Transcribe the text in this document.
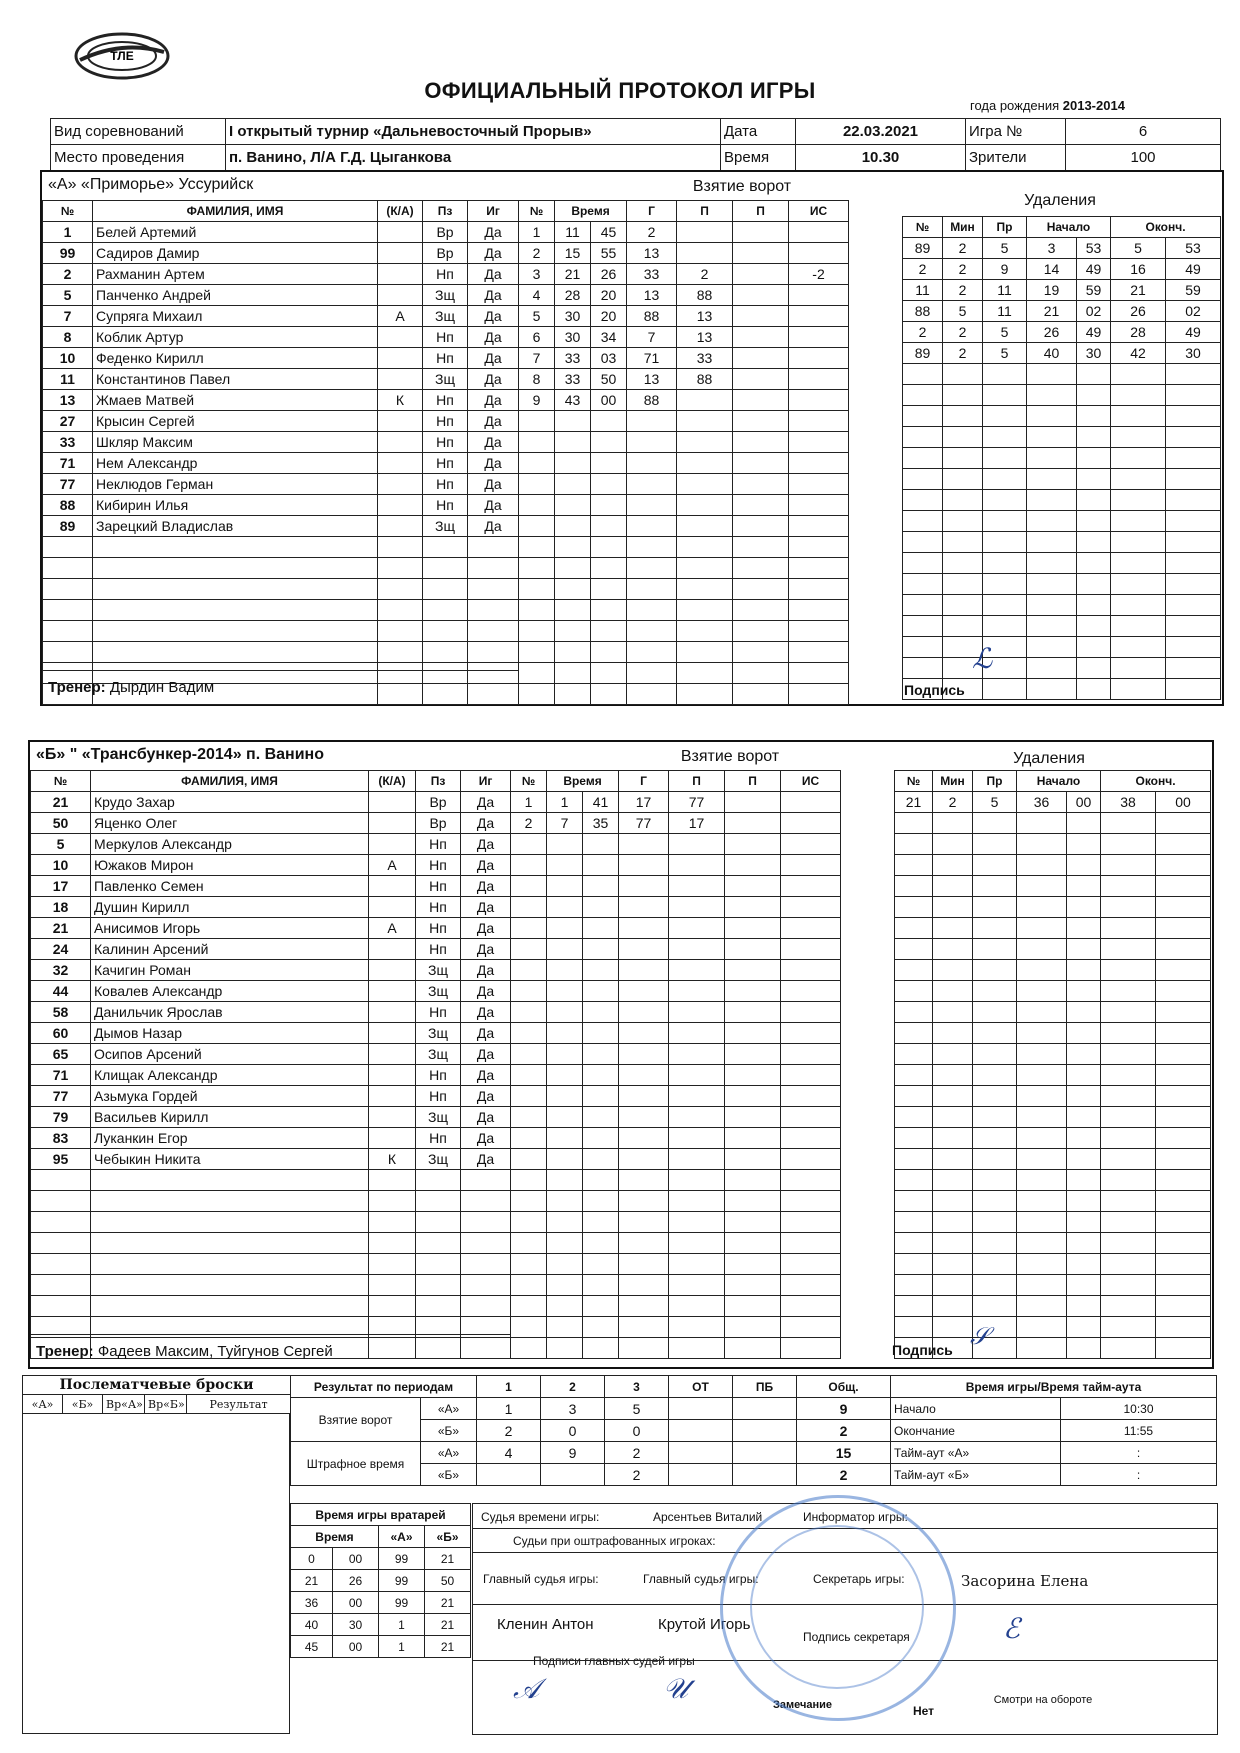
ТЛЕ
ОФИЦИАЛЬНЫЙ ПРОТОКОЛ ИГРЫ
Вид соревнований	I открытый турнир «Дальневосточный Прорыв»	Дата	22.03.2021	Игра №	6
Место проведения	п. Ванино, Л/А Г.Д. Цыганкова	Время	10.30	Зрители	100
года рождения 2013-2014
«А» «Приморье» Уссурийск	Взятие ворот
Удаления
№	ФАМИЛИЯ, ИМЯ	(К/А)	Пз	Иг
1	Белей Артемий		Вр	Да
99	Садиров Дамир		Вр	Да
2	Рахманин Артем		Нп	Да
5	Панченко Андрей		Зщ	Да
7	Супряга Михаил	А	Зщ	Да
8	Коблик Артур		Нп	Да
10	Феденко Кирилл		Нп	Да
11	Константинов Павел		Зщ	Да
13	Жмаев Матвей	К	Нп	Да
27	Крысин Сергей		Нп	Да
33	Шкляр Максим		Нп	Да
71	Нем Александр		Нп	Да
77	Неклюдов Герман		Нп	Да
88	Кибирин Илья		Нп	Да
89	Зарецкий Владислав		Зщ	Да

№	Время		Г	П	П	ИС	
1	11	45	2				
2	15	55	13				
3	21	26	33	2		-2	
4	28	20	13	88			
5	30	20	88	13			
6	30	34	7	13			
7	33	03	71	33			
8	33	50	13	88			
9	43	00	88				

№	Мин	Пр	Начало		Оконч.	
89	2	5	3	53	5	53
2	2	9	14	49	16	49
11	2	11	19	59	21	59
88	5	11	21	02	26	02
2	2	5	26	49	28	49
89	2	5	40	30	42	30

Тренер: Дырдин Вадим	Подпись
ℒ
«Б» " «Трансбункер-2014» п. Ванино	Взятие ворот	Удаления
№	ФАМИЛИЯ, ИМЯ	(К/А)	Пз	Иг
21	Крудо Захар		Вр	Да
50	Яценко Олег		Вр	Да
5	Меркулов Александр		Нп	Да
10	Южаков Мирон	А	Нп	Да
17	Павленко Семен		Нп	Да
18	Душин Кирилл		Нп	Да
21	Анисимов Игорь	А	Нп	Да
24	Калинин Арсений		Нп	Да
32	Качигин Роман		Зщ	Да
44	Ковалев Александр		Зщ	Да
58	Данильчик Ярослав		Нп	Да
60	Дымов Назар		Зщ	Да
65	Осипов Арсений		Зщ	Да
71	Клищак Александр		Нп	Да
77	Азьмука Гордей		Нп	Да
79	Васильев Кирилл		Зщ	Да
83	Луканкин Егор		Нп	Да
95	Чебыкин Никита	К	Зщ	Да

№	Время		Г	П	П	ИС	
1	1	41	17	77			
2	7	35	77	17			

№	Мин	Пр	Начало		Оконч.	
21	2	5	36	00	38	00

Тренер: Фадеев Максим, Туйгунов Сергей	Подпись 𝒮
Послематчевые броски
«А»	«Б»	Вр«А»	Вр«Б»	Результат
Результат по периодам		1	2	3	ОТ	ПБ	Общ.
Взятие ворот	«А»	1	3	5			9
	«Б»	2	0	0			2
Штрафное время	«А»	4	9	2			15
	«Б»			2			2
Время игры/Время тайм-аута	
Начало	10:30
Окончание	11:55
Тайм-аут «А»	:
Тайм-аут «Б»	:
Время игры вратарей			
Время		«А»	«Б»
0	00	99	21
21	26	99	50
36	00	99	21
40	30	1	21
45	00	1	21
Судья времени игры:	Арсентьев Виталий	Информатор игры:
Судьи при оштрафованных игроках:
Главный судья игры:	Главный судья игры:	Секретарь игры:	Засорина Елена
Кленин Антон	Крутой Игорь
Подпись секретаря	ℰ
Подписи главных судей игры
𝒜	𝒰	Замечание	Нет
Смотри на обороте
